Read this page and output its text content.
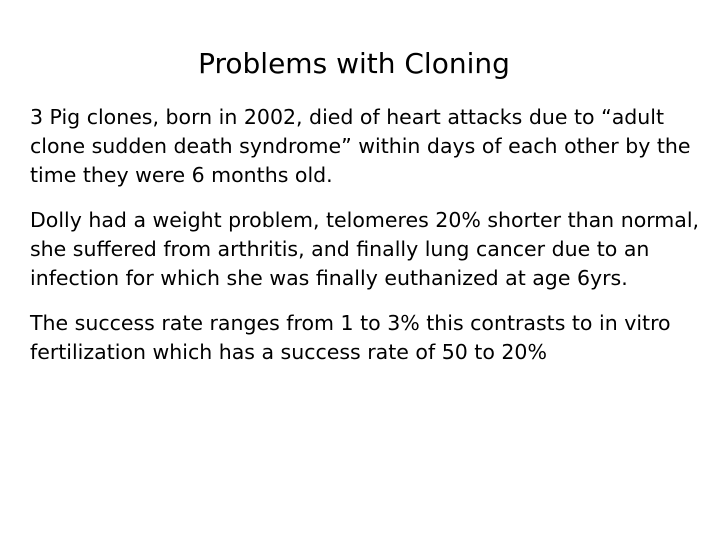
Problems with Cloning

3 Pig clones, born in 2002, died of heart attacks due to “adult clone sudden death syndrome” within days of each other by the time they were 6 months old.

Dolly had a weight problem, telomeres 20% shorter than normal, she suffered from arthritis, and finally lung cancer due to an infection for which she was finally euthanized at age 6yrs.

The success rate ranges from 1 to 3% this contrasts to in vitro fertilization which has a success rate of 50 to 20%
